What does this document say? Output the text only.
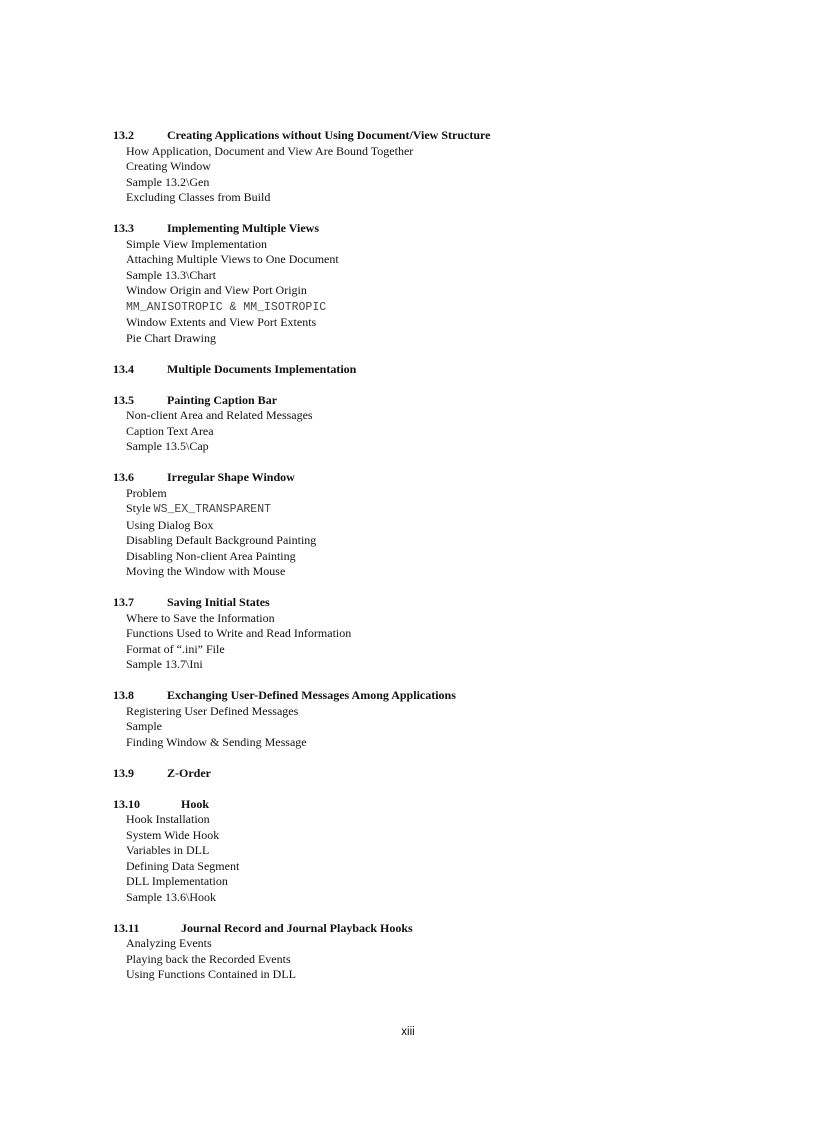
13.2	Creating Applications without Using Document/View Structure
How Application, Document and View Are Bound Together
Creating Window
Sample 13.2\Gen
Excluding Classes from Build
13.3	Implementing Multiple Views
Simple View Implementation
Attaching Multiple Views to One Document
Sample 13.3\Chart
Window Origin and View Port Origin
MM_ANISOTROPIC & MM_ISOTROPIC
Window Extents and View Port Extents
Pie Chart Drawing
13.4	Multiple Documents Implementation
13.5	Painting Caption Bar
Non-client Area and Related Messages
Caption Text Area
Sample 13.5\Cap
13.6	Irregular Shape Window
Problem
Style WS_EX_TRANSPARENT
Using Dialog Box
Disabling Default Background Painting
Disabling Non-client Area Painting
Moving the Window with Mouse
13.7	Saving Initial States
Where to Save the Information
Functions Used to Write and Read Information
Format of “.ini” File
Sample 13.7\Ini
13.8	Exchanging User-Defined Messages Among Applications
Registering User Defined Messages
Sample
Finding Window & Sending Message
13.9	Z-Order
13.10	Hook
Hook Installation
System Wide Hook
Variables in DLL
Defining Data Segment
DLL Implementation
Sample 13.6\Hook
13.11	Journal Record and Journal Playback Hooks
Analyzing Events
Playing back the Recorded Events
Using Functions Contained in DLL
xiii
